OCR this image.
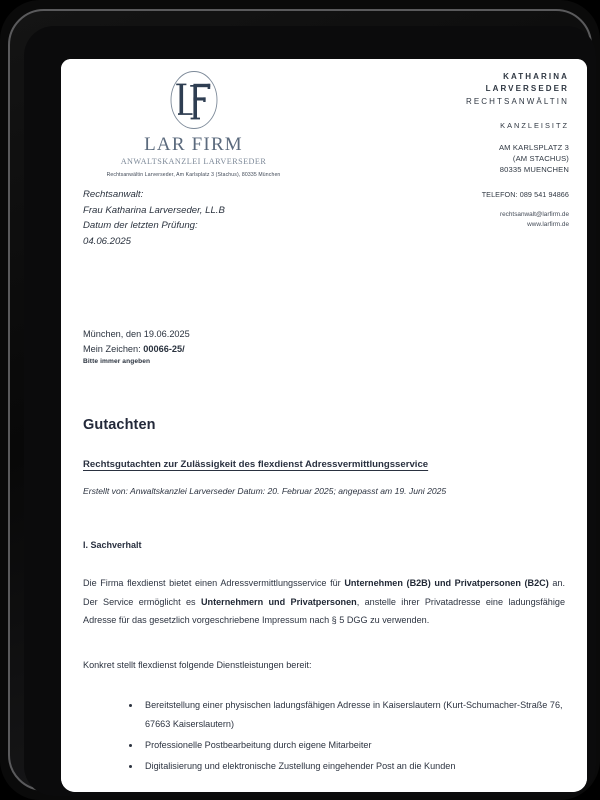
LAR FIRM
ANWALTSKANZLEI LARVERSEDER
Rechtsanwältin Larverseder, Am Karlsplatz 3 (Stachus), 80335 München
KATHARINA
LARVERSEDER
RECHTSANWÄLTIN
KANZLEISITZ
AM KARLSPLATZ 3
(AM STACHUS)
80335 MUENCHEN
TELEFON: 089 541 94866
rechtsanwalt@larfirm.de
www.larfirm.de
Rechtsanwalt:
Frau Katharina Larverseder, LL.B
Datum der letzten Prüfung:
04.06.2025
München, den 19.06.2025
Mein Zeichen: 00066-25/
Bitte immer angeben
Gutachten
Rechtsgutachten zur Zulässigkeit des flexdienst Adressvermittlungsservice
Erstellt von: Anwaltskanzlei Larverseder Datum: 20. Februar 2025; angepasst am 19. Juni 2025
I. Sachverhalt

Die Firma flexdienst bietet einen Adressvermittlungsservice für Unternehmen (B2B) und Privatpersonen (B2C) an. Der Service ermöglicht es Unternehmern und Privatpersonen, anstelle ihrer Privatadresse eine ladungsfähige Adresse für das gesetzlich vorgeschriebene Impressum nach § 5 DGG zu verwenden.

Konkret stellt flexdienst folgende Dienstleistungen bereit:
Bereitstellung einer physischen ladungsfähigen Adresse in Kaiserslautern (Kurt-Schumacher-Straße 76, 67663 Kaiserslautern)
Professionelle Postbearbeitung durch eigene Mitarbeiter
Digitalisierung und elektronische Zustellung eingehender Post an die Kunden
